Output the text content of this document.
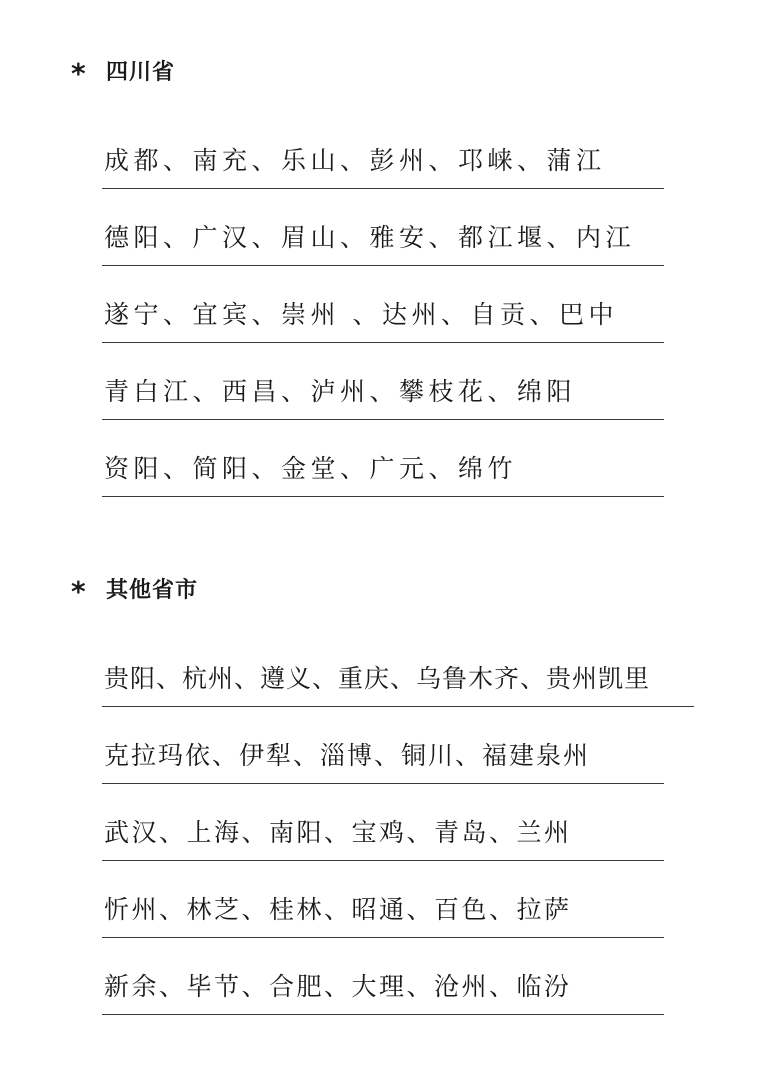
* 四川省
成都、南充、乐山、彭州、邛崃、蒲江
德阳、广汉、眉山、雅安、都江堰、内江
遂宁、宜宾、崇州 、达州、自贡、巴中
青白江、西昌、泸州、攀枝花、绵阳
资阳、简阳、金堂、广元、绵竹
* 其他省市
贵阳、杭州、遵义、重庆、乌鲁木齐、贵州凯里
克拉玛依、伊犁、淄博、铜川、福建泉州
武汉、上海、南阳、宝鸡、青岛、兰州
忻州、林芝、桂林、昭通、百色、拉萨
新余、毕节、合肥、大理、沧州、临汾
